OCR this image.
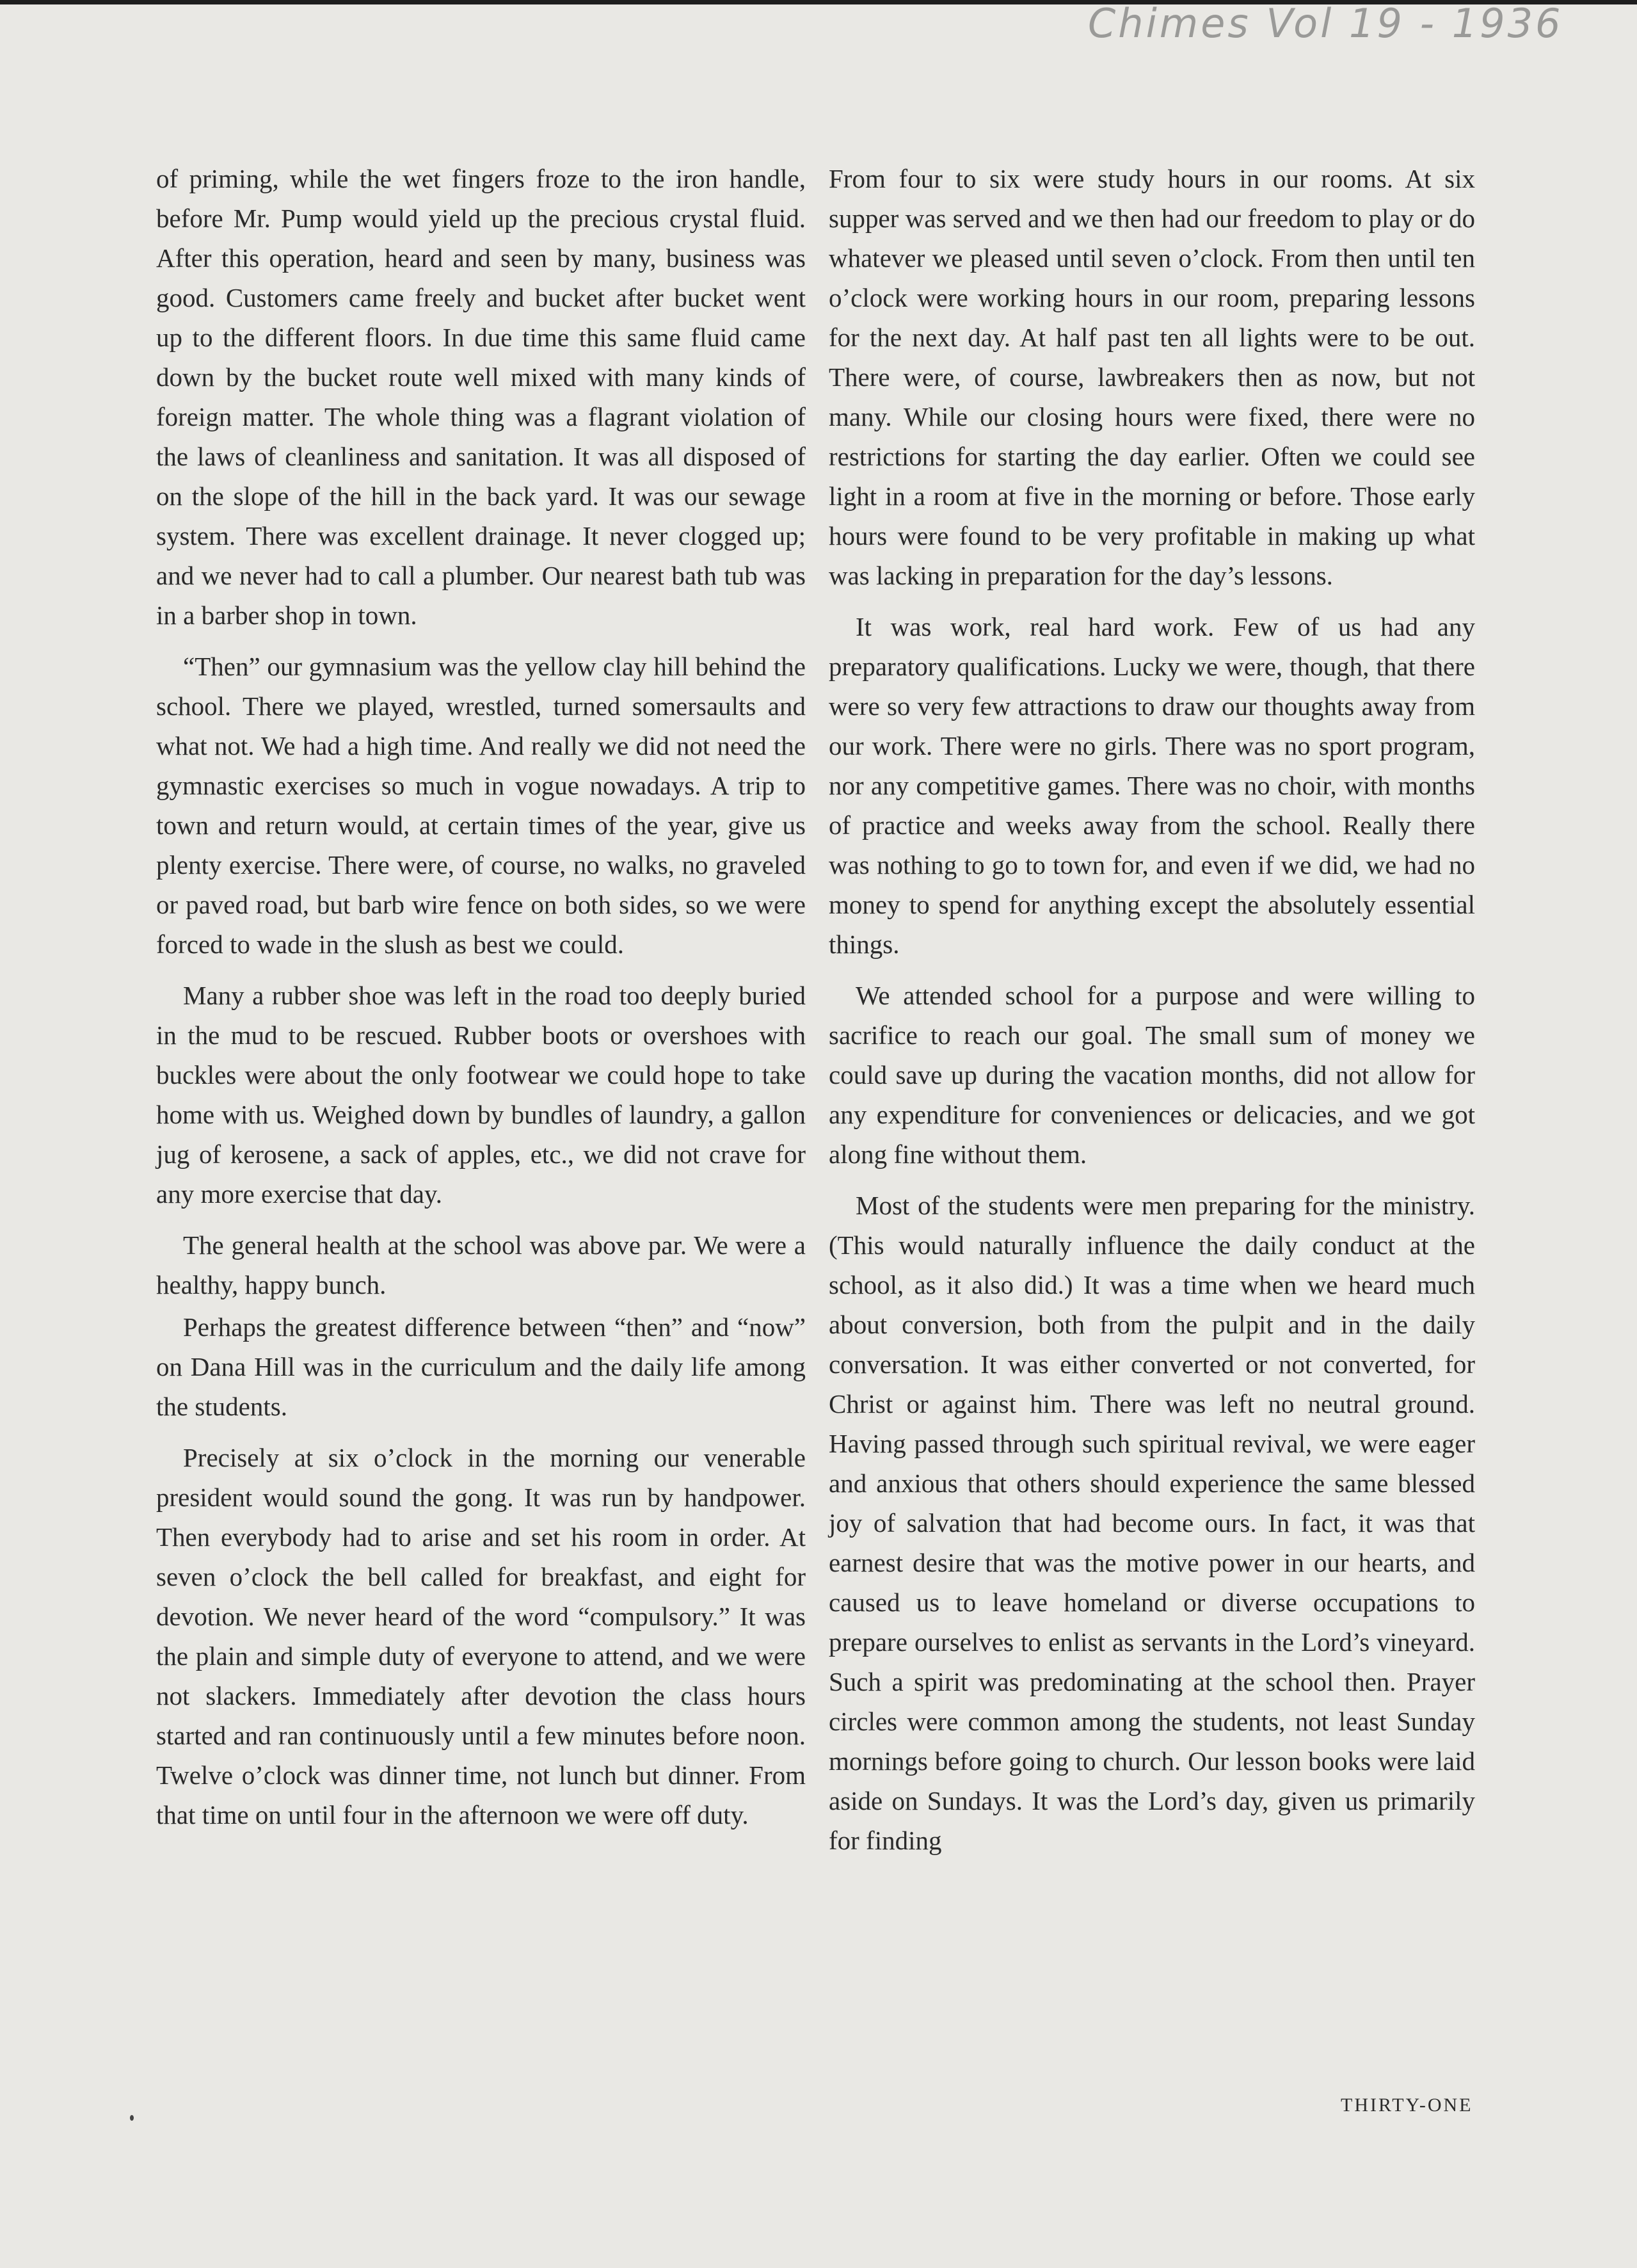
Chimes Vol 19 - 1936

of priming, while the wet fingers froze to the iron handle, before Mr. Pump would yield up the precious crystal fluid. After this operation, heard and seen by many, business was good. Customers came freely and bucket after bucket went up to the different floors. In due time this same fluid came down by the bucket route well mixed with many kinds of foreign matter. The whole thing was a flagrant violation of the laws of cleanliness and sanitation. It was all disposed of on the slope of the hill in the back yard. It was our sewage system. There was excellent drainage. It never clogged up; and we never had to call a plumber. Our nearest bath tub was in a barber shop in town.

“Then” our gymnasium was the yellow clay hill behind the school. There we played, wrestled, turned somersaults and what not. We had a high time. And really we did not need the gymnastic exercises so much in vogue nowadays. A trip to town and return would, at certain times of the year, give us plenty exercise. There were, of course, no walks, no graveled or paved road, but barb wire fence on both sides, so we were forced to wade in the slush as best we could.

Many a rubber shoe was left in the road too deeply buried in the mud to be rescued. Rubber boots or overshoes with buckles were about the only footwear we could hope to take home with us. Weighed down by bundles of laundry, a gallon jug of kerosene, a sack of apples, etc., we did not crave for any more exercise that day.

The general health at the school was above par. We were a healthy, happy bunch.

Perhaps the greatest difference between “then” and “now” on Dana Hill was in the curriculum and the daily life among the students.

Precisely at six o’clock in the morning our venerable president would sound the gong. It was run by handpower. Then everybody had to arise and set his room in order. At seven o’clock the bell called for breakfast, and eight for devotion. We never heard of the word “compulsory.” It was the plain and simple duty of everyone to attend, and we were not slackers. Immediately after devotion the class hours started and ran continuously until a few minutes before noon. Twelve o’clock was dinner time, not lunch but dinner. From that time on until four in the afternoon we were off duty.

From four to six were study hours in our rooms. At six supper was served and we then had our freedom to play or do whatever we pleased until seven o’clock. From then until ten o’clock were working hours in our room, preparing lessons for the next day. At half past ten all lights were to be out. There were, of course, lawbreakers then as now, but not many. While our closing hours were fixed, there were no restrictions for starting the day earlier. Often we could see light in a room at five in the morning or before. Those early hours were found to be very profitable in making up what was lacking in preparation for the day’s lessons.

It was work, real hard work. Few of us had any preparatory qualifications. Lucky we were, though, that there were so very few attractions to draw our thoughts away from our work. There were no girls. There was no sport program, nor any competitive games. There was no choir, with months of practice and weeks away from the school. Really there was nothing to go to town for, and even if we did, we had no money to spend for anything except the absolutely essential things.

We attended school for a purpose and were willing to sacrifice to reach our goal. The small sum of money we could save up during the vacation months, did not allow for any expenditure for conveniences or delicacies, and we got along fine without them.

Most of the students were men preparing for the ministry. (This would naturally influence the daily conduct at the school, as it also did.) It was a time when we heard much about conversion, both from the pulpit and in the daily conversation. It was either converted or not converted, for Christ or against him. There was left no neutral ground. Having passed through such spiritual revival, we were eager and anxious that others should experience the same blessed joy of salvation that had become ours. In fact, it was that earnest desire that was the motive power in our hearts, and caused us to leave homeland or diverse occupations to prepare ourselves to enlist as servants in the Lord’s vineyard. Such a spirit was predominating at the school then. Prayer circles were common among the students, not least Sunday mornings before going to church. Our lesson books were laid aside on Sundays. It was the Lord’s day, given us primarily for finding

THIRTY-ONE
